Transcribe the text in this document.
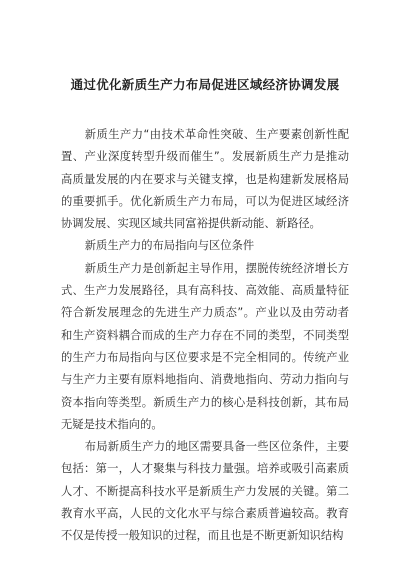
通过优化新质生产力布局促进区域经济协调发展

新质生产力“由技术革命性突破、生产要素创新性配置、产业深度转型升级而催生”。发展新质生产力是推动高质量发展的内在要求与关键支撑，也是构建新发展格局的重要抓手。优化新质生产力布局，可以为促进区域经济协调发展、实现区域共同富裕提供新动能、新路径。

新质生产力的布局指向与区位条件

新质生产力是创新起主导作用，摆脱传统经济增长方式、生产力发展路径，具有高科技、高效能、高质量特征符合新发展理念的先进生产力质态”。产业以及由劳动者和生产资料耦合而成的生产力存在不同的类型，不同类型的生产力布局指向与区位要求是不完全相同的。传统产业与生产力主要有原料地指向、消费地指向、劳动力指向与资本指向等类型。新质生产力的核心是科技创新，其布局无疑是技术指向的。

布局新质生产力的地区需要具备一些区位条件，主要包括：第一，人才聚集与科技力量强。培养或吸引高素质人才、不断提高科技水平是新质生产力发展的关键。第二教育水平高，人民的文化水平与综合素质普遍较高。教育不仅是传授一般知识的过程，而且也是不断更新知识结构
